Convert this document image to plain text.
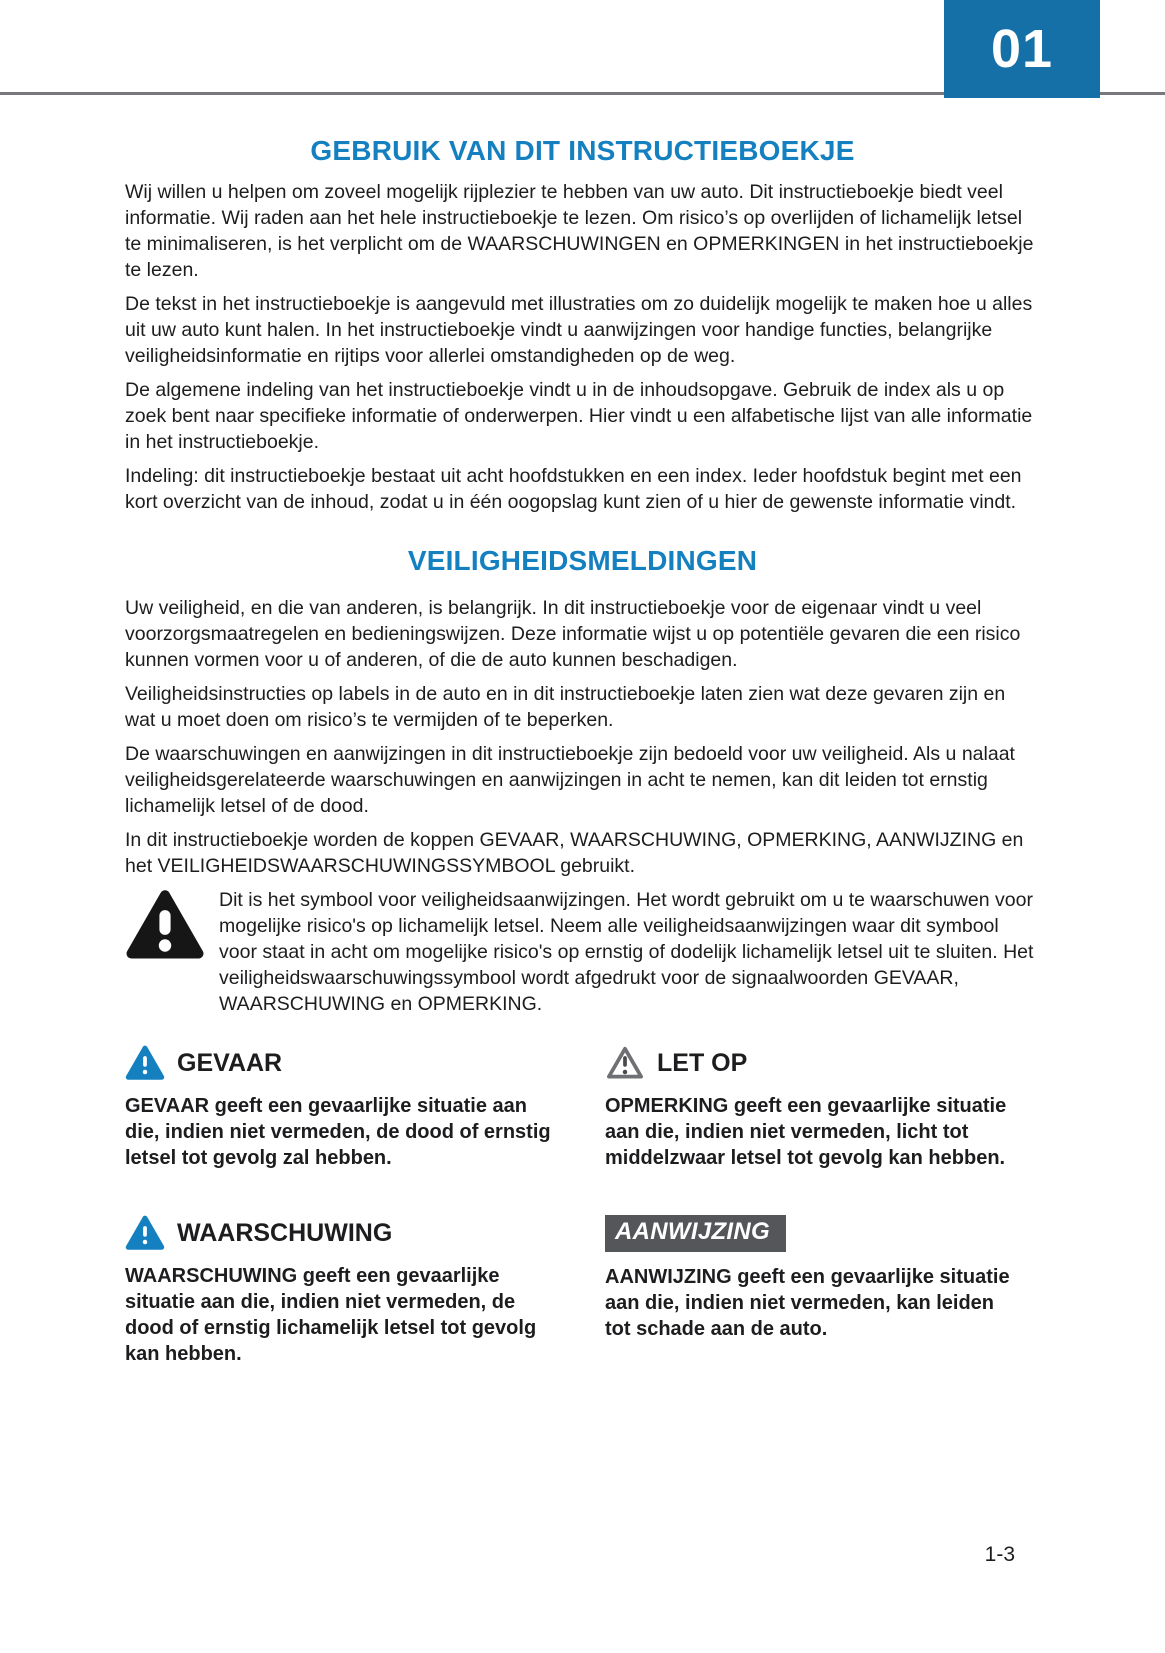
01
GEBRUIK VAN DIT INSTRUCTIEBOEKJE

Wij willen u helpen om zoveel mogelijk rijplezier te hebben van uw auto. Dit instructieboekje biedt veel informatie. Wij raden aan het hele instructieboekje te lezen. Om risico’s op overlijden of lichamelijk letsel te minimaliseren, is het verplicht om de WAARSCHUWINGEN en OPMERKINGEN in het instructieboekje te lezen.

De tekst in het instructieboekje is aangevuld met illustraties om zo duidelijk mogelijk te maken hoe u alles uit uw auto kunt halen. In het instructieboekje vindt u aanwijzingen voor handige functies, belangrijke veiligheidsinformatie en rijtips voor allerlei omstandigheden op de weg.

De algemene indeling van het instructieboekje vindt u in de inhoudsopgave. Gebruik de index als u op zoek bent naar specifieke informatie of onderwerpen. Hier vindt u een alfabetische lijst van alle informatie in het instructieboekje.

Indeling: dit instructieboekje bestaat uit acht hoofdstukken en een index. Ieder hoofdstuk begint met een kort overzicht van de inhoud, zodat u in één oogopslag kunt zien of u hier de gewenste informatie vindt.

VEILIGHEIDSMELDINGEN

Uw veiligheid, en die van anderen, is belangrijk. In dit instructieboekje voor de eigenaar vindt u veel voorzorgsmaatregelen en bedieningswijzen. Deze informatie wijst u op potentiële gevaren die een risico kunnen vormen voor u of anderen, of die de auto kunnen beschadigen.

Veiligheidsinstructies op labels in de auto en in dit instructieboekje laten zien wat deze gevaren zijn en wat u moet doen om risico’s te vermijden of te beperken.

De waarschuwingen en aanwijzingen in dit instructieboekje zijn bedoeld voor uw veiligheid. Als u nalaat veiligheidsgerelateerde waarschuwingen en aanwijzingen in acht te nemen, kan dit leiden tot ernstig lichamelijk letsel of de dood.

In dit instructieboekje worden de koppen GEVAAR, WAARSCHUWING, OPMERKING, AANWIJZING en het VEILIGHEIDSWAARSCHUWINGSSYMBOOL gebruikt.

Dit is het symbool voor veiligheidsaanwijzingen. Het wordt gebruikt om u te waarschuwen voor mogelijke risico's op lichamelijk letsel. Neem alle veiligheidsaanwijzingen waar dit symbool voor staat in acht om mogelijke risico's op ernstig of dodelijk lichamelijk letsel uit te sluiten. Het veiligheidswaarschuwingssymbool wordt afgedrukt voor de signaalwoorden GEVAAR, WAARSCHUWING en OPMERKING.

GEVAAR

GEVAAR geeft een gevaarlijke situatie aan die, indien niet vermeden, de dood of ernstig letsel tot gevolg zal hebben.

WAARSCHUWING

WAARSCHUWING geeft een gevaarlijke situatie aan die, indien niet vermeden, de dood of ernstig lichamelijk letsel tot gevolg kan hebben.

LET OP

OPMERKING geeft een gevaarlijke situatie aan die, indien niet vermeden, licht tot middelzwaar letsel tot gevolg kan hebben.

AANWIJZING

AANWIJZING geeft een gevaarlijke situatie aan die, indien niet vermeden, kan leiden tot schade aan de auto.

1-3
